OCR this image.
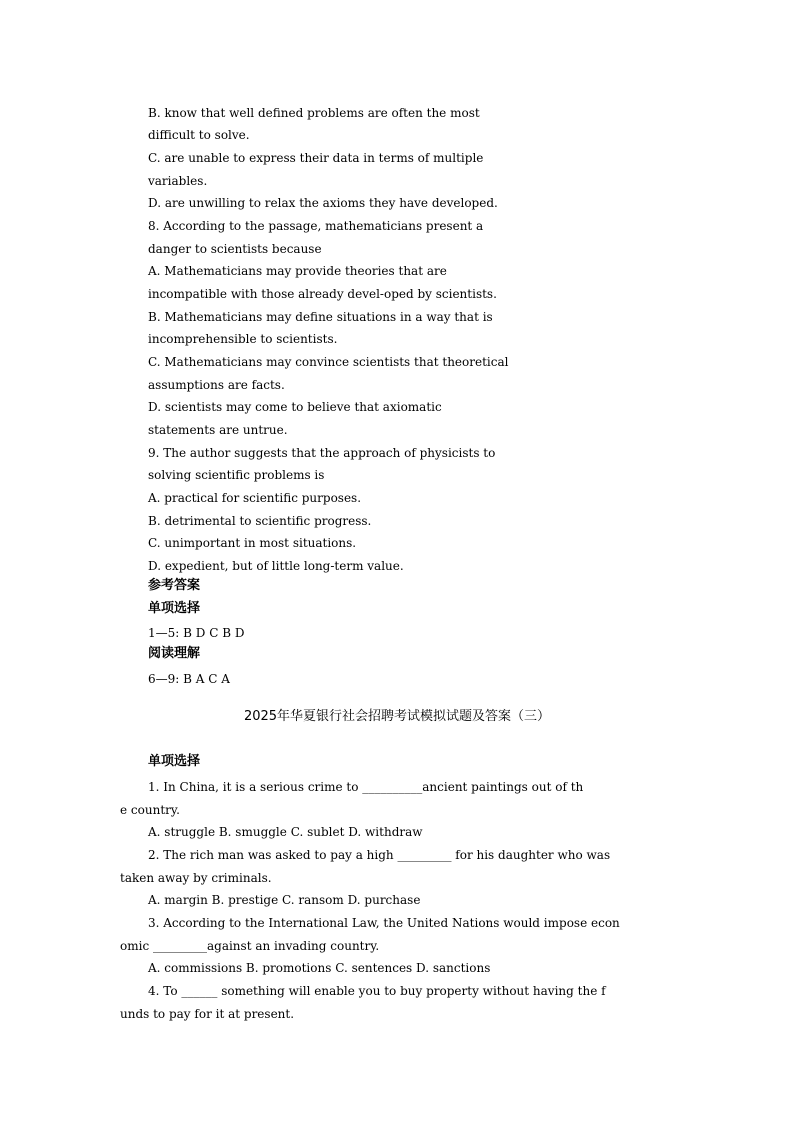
B. know that well defined problems are often the most
difficult to solve.
C. are unable to express their data in terms of multiple
variables.
D. are unwilling to relax the axioms they have developed.
8. According to the passage, mathematicians present a
danger to scientists because
A. Mathematicians may provide theories that are
incompatible with those already devel-oped by scientists.
B. Mathematicians may define situations in a way that is
incomprehensible to scientists.
C. Mathematicians may convince scientists that theoretical
assumptions are facts.
D. scientists may come to believe that axiomatic
statements are untrue.
9. The author suggests that the approach of physicists to
solving scientific problems is
A. practical for scientific purposes.
B. detrimental to scientific progress.
C. unimportant in most situations.
D. expedient, but of little long-term value.
参考答案
单项选择
1—5: B D C B D
阅读理解
6—9: B A C A
2025年华夏银行社会招聘考试模拟试题及答案（三）
单项选择
1. In China, it is a serious crime to __________ancient paintings out of th
e country.
A. struggle B. smuggle C. sublet D. withdraw
2. The rich man was asked to pay a high _________ for his daughter who was
taken away by criminals.
A. margin B. prestige C. ransom D. purchase
3. According to the International Law, the United Nations would impose econ
omic _________against an invading country.
A. commissions B. promotions C. sentences D. sanctions
4. To ______ something will enable you to buy property without having the f
unds to pay for it at present.
